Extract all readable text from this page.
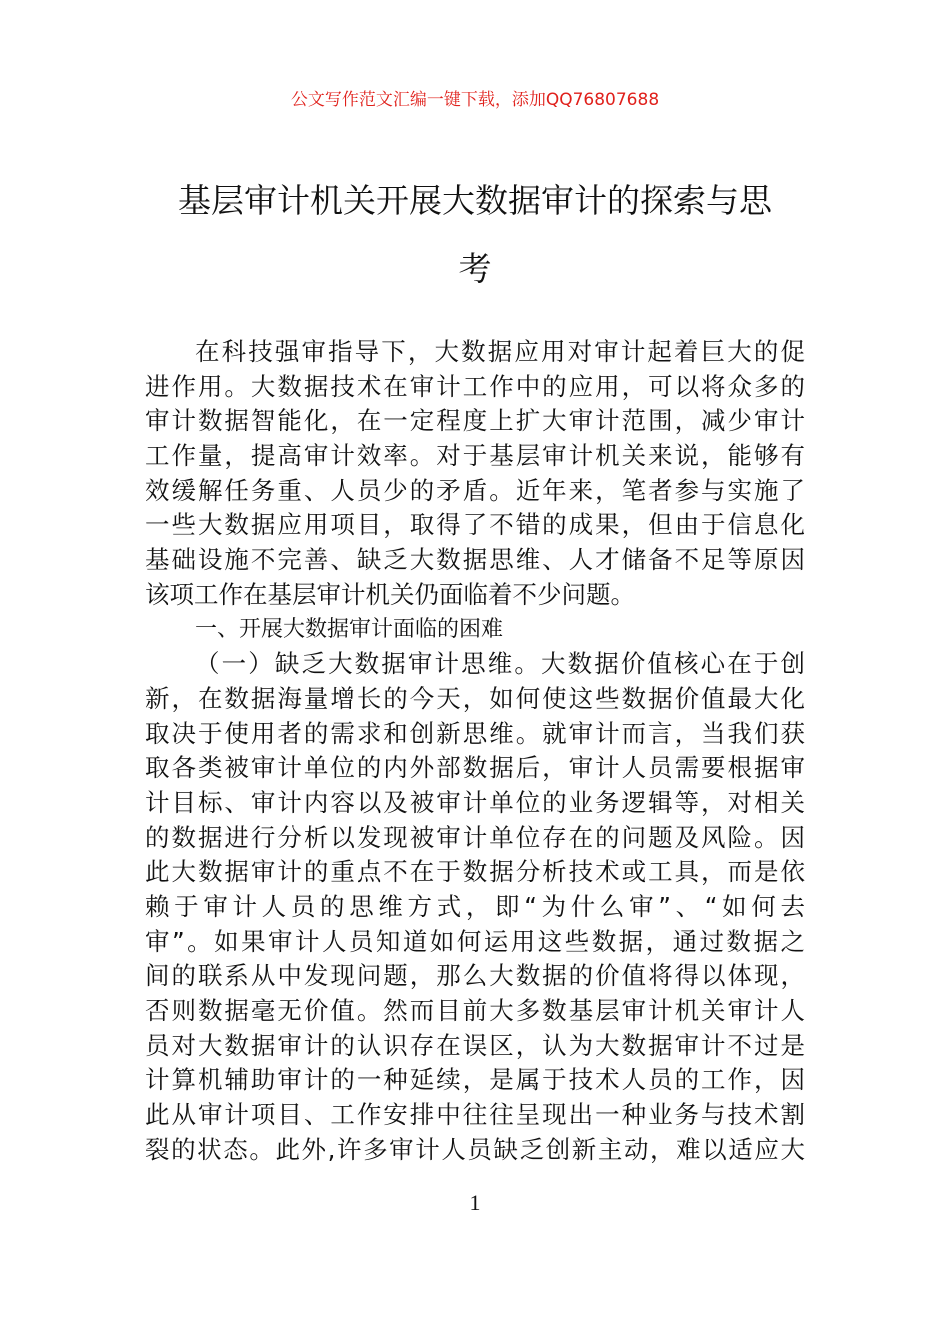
公文写作范文汇编一键下载，添加QQ76807688
基层审计机关开展大数据审计的探索与思
考
在科技强审指导下，大数据应用对审计起着巨大的促
进作用。大数据技术在审计工作中的应用，可以将众多的
审计数据智能化，在一定程度上扩大审计范围，减少审计
工作量，提高审计效率。对于基层审计机关来说，能够有
效缓解任务重、人员少的矛盾。近年来，笔者参与实施了
一些大数据应用项目，取得了不错的成果，但由于信息化
基础设施不完善、缺乏大数据思维、人才储备不足等原因
该项工作在基层审计机关仍面临着不少问题。
一、开展大数据审计面临的困难
（一）缺乏大数据审计思维。大数据价值核心在于创
新，在数据海量增长的今天，如何使这些数据价值最大化
取决于使用者的需求和创新思维。就审计而言，当我们获
取各类被审计单位的内外部数据后，审计人员需要根据审
计目标、审计内容以及被审计单位的业务逻辑等，对相关
的数据进行分析以发现被审计单位存在的问题及风险。因
此大数据审计的重点不在于数据分析技术或工具，而是依
赖于审计人员的思维方式，即“为什么审”、“如何去
审”。如果审计人员知道如何运用这些数据，通过数据之
间的联系从中发现问题，那么大数据的价值将得以体现，
否则数据毫无价值。然而目前大多数基层审计机关审计人
员对大数据审计的认识存在误区，认为大数据审计不过是
计算机辅助审计的一种延续，是属于技术人员的工作，因
此从审计项目、工作安排中往往呈现出一种业务与技术割
裂的状态。此外,许多审计人员缺乏创新主动，难以适应大
1
